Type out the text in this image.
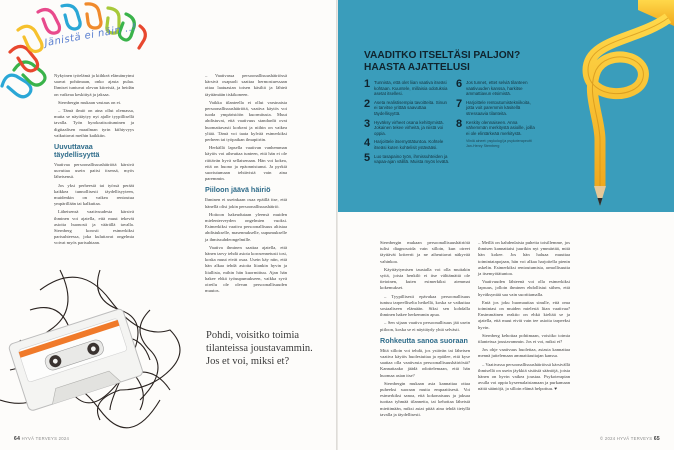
Jänistä ei näin ..!

Nykyinen työelämä ja kiihkeä elämänrytmi saavat pohtimaan, onko ajasta pulaa. Ihmiset tuntuvat olevan kiireisiä, ja heidän on vaikeaa keskittyä ja jaksaa.

Sternbergin mukaan vastaus on ei.

– Tämä ilmiö on aina ollut olemassa, mutta se näyttäytyy nyt ajalle tyypillisellä tavalla. Työn byrokratisoituminen ja digitaalisen maailman tyrin kiihtyvyys vaikuttavat meihin kaikkiin.

Uuvuttavaa täydellisyyttä

Vaativaa persoonallisuushäiriötä kärsivä uuvuttaa usein paitsi itsensä, myös läheisensä.

Jos yksi perheestä tai työssä peräät kaikkea tunnollisesti täydellisyyteen, muidenkin on vaikea rentoutua ympärillään tai kalkuttaa.

Läheisensä vaativuudesta kärsivä ihminen voi ajatella, että muut tekevät asioita huonosti ja väärällä tavalla. Sternberg korosti esimerkiksi parisuhteessa, joka kuluttavat ongelmia voivat myös parisuhtaan.

– Vaativassa persoonallisuushäiriössä kärsivä osapuoli saattaa hermostuessaan ottaa laatuasian toisen käsiltä ja lähteä täyttämään tiskikoneen.

Vaikka tilanteella ei ollut varsinaista persoonallisuushäiriötä, vaativa käytös voi tuoda ympäristöön kuormitusta. Muut ahdistuvat, että vaativuus standardit ovat huomattavasti korkeat ja niihin on vaikea yltää. Tämä voi taata kylvää esimerkiksi perheen tai työpaikan ilmapiiriin.

Herkällä lapsella vaativan vanhemman käytös voi aiheuttaa tunteen, että hän ei ole riittävän hyvä sellaisenaan. Hän voi kokea, että on huono ja epäonnistunut. Ja pyrkiä suoriutumaan tehtävistä vain aina paremmin.

Piiloon jäävä häiriö

Ihminen ei useinkaan osaa epäillä itse, että hänellä olisi jokin persoonallisuushäiriö.

Hoitoon hakeudutaan yleensä muiden mielenterveyden ongelmien vuoksi. Esimerkiksi vaativa persoonallisuus altistaa ahdistukselle, masennukselle, uupumukselle ja ihmissuhdeongelmille.

Vaativa ihminen saattaa ajatella, että hänen tarvy tehdä asiota korosennetusti tosi, koska muut eivät osaa. Usein käy niin, että hän alkaa tehdä asioita liiankin hyvin ja liiallista, mihin hän kuormittuu. Ajan hän hakee ehkä työuupumukseen, vaikka syvä oireilu ole olevan persoonallisuuden muutos.

Pohdi, voisitko toimia tilanteissa joustavammin. Jos et voi, miksi et?
64 HYVÄ TERVEYS 2024
VAADITKO ITSELTÄSI PALJON? HAASTA AJATTELUSI
1 Tunnista, että olet liian vaativa itseäsi kohtaan. Kuuntele, millaisia odotuksia asetat itsellesi.
2 Aseta realistisempia tavoitteita. Sinun ei tarvitse yrittää saavuttaa täydellisyyttä.
3 Hyväksy virheet osana kehittymistä. Jokainen tekee virheitä, ja niistä voi oppia.
4 Harjoittele itsemyötätuntoa. Kohtele itseäsi kuten kohtelisit ystävääsi.
5 Luo tasapaino työn, ihmissuhteiden ja vapaa-ajan välillä. Muista myös levätä.
6 Jos tunnet, ettet selviä tilanteen vaativuuden kanssa, harkitse ammattiavun etsimistä.
7 Harjoittele rentoutumistekniikoita, jotta voit paremmin käsitellä stressaavia tilanteita.
8 Keskity olennaiseen. Anna vähemmän merkitystä asioille, joilla ei ole elintärkeää merkitystä.
Viiniä aineet: psykologi ja psykoterapeutti Jan-Henry Sternberg

Sternbergin mukaan persoonallisuushäiriötä tulisi diagnosoida vain silloin, kun oireet täyttävät kriteerit ja ne aiheuttavat näkyvää vahinkoa.

Käyttäytymisen taustalla voi olla muitakin syitä, joista henkilö ei itse välttämättä ole tietoinen, kuten esimerkiksi aiemmat kokemukset.

– Tyypillisesti epävakaa persoonallisuus tuntuu tarpeelliselta hetkellä, koska se vaikuttaa sosiaaliseen elämään. Siksi sen kohdalla ihminen hakee herkemmin apua.

– Sen sijaan vaativa persoonallisuus jää usein piiloon, koska se ei näyttäydy yhtä selvästi.

Rohkeutta sanoa suoraan

Mitä silloin voi tehdä, jos ystävän tai läheisen vaativa käytös huolestuttaa ja epäilee, että kyse saattaa olla vaativasta persoonallisuushäiriöstä? Kannattaako jäädä odottelemaan, että hän huomaa asian itse?

Sternbergin mukaan asia kannattaa ottaa puheeksi suoraan mutta empaattisesti. Voi esimerkiksi sanoa, että kokonaisuus ja jaksaa tuottaa tyhmää tilannetta, tai kehottaa läheistä miettimään, miksi asiat pitää aina tehdä tietyllä tavalla ja täydellisesti.

– Meillä on kahdenlaisia puheita toisillemme, jos ihmisen kannattaisi juurikin nyt ymmärtää, mitä hän kokee. Jos hän haluaa muuttaa toimintatapojaan, hän voi alkaa harjoitella pienin askelin. Esimerkiksi rentoutumista, armollisuutta ja itsemyötätuntoa.

Vaativuuden lähteenä voi olla esimerkiksi lapsuus, jolloin ihminen ehdollistui siihen, että hyväksyntää saa vain suorittamalla.

Entä jos joku huomauttaa sinulle, että oma toimintasi on muiden mielestä liian vaativaa? Ensimmäinen reaktio on ehkä kieltää se ja ajatella, että muut eivät vain tee asioita tarpeeksi hyvin.

Sternberg kehottaa pohtimaan, voisitko toimia tilanteissa joustavammin. Jos et voi, miksi et?

Jos ohje vaativuus huolettaa, asiasta kannattaa mennä juttelemaan ammattiauttajan kanssa.

– Vaativassa persoonallisuushäiriössä kärsivällä ihmisellä on usein jäykkiä sisäisiä sääntöjä, joista hänen on hyvin vaikea joustaa. Psykoterapian avulla voi oppia kyseenalaistamaan ja purkamaan näitä sääntöjä, ja silloin elämä helpottuu. ♥

© 2024 HYVÄ TERVEYS 65
